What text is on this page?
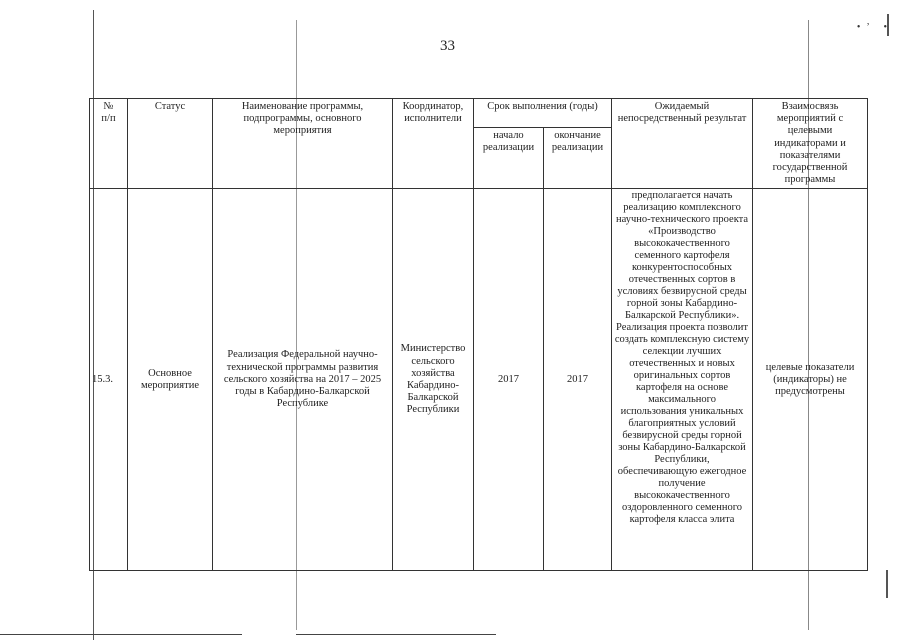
•’ •
33
№
п/п	Статус	Наименование программы, подпрограммы, основного мероприятия	Координатор, исполнители	Срок выполнения (годы)		Ожидаемый непосредственный результат	Взаимосвязь мероприятий с целевыми индикаторами и показателями государственной программы
				начало реализации	окончание реализации		
15.3.	Основное мероприятие	Реализация Федеральной научно-технической программы развития сельского хозяйства на 2017 – 2025 годы в Кабардино-Балкарской Республике	Министерство сельского хозяйства Кабардино-Балкарской Республики	2017	2017	предполагается начать реализацию комплексного научно-технического проекта «Производство высококачественного семенного картофеля конкурентоспособных отечественных сортов в условиях безвирусной среды горной зоны Кабардино-Балкарской Республики». Реализация проекта позволит создать комплексную систему селекции лучших отечественных и новых оригинальных сортов картофеля на основе максимального использования уникальных благоприятных условий безвирусной среды горной зоны Кабардино-Балкарской Республики, обеспечивающую ежегодное получение высококачественного оздоровленного семенного картофеля класса элита	целевые показатели (индикаторы) не предусмотрены
